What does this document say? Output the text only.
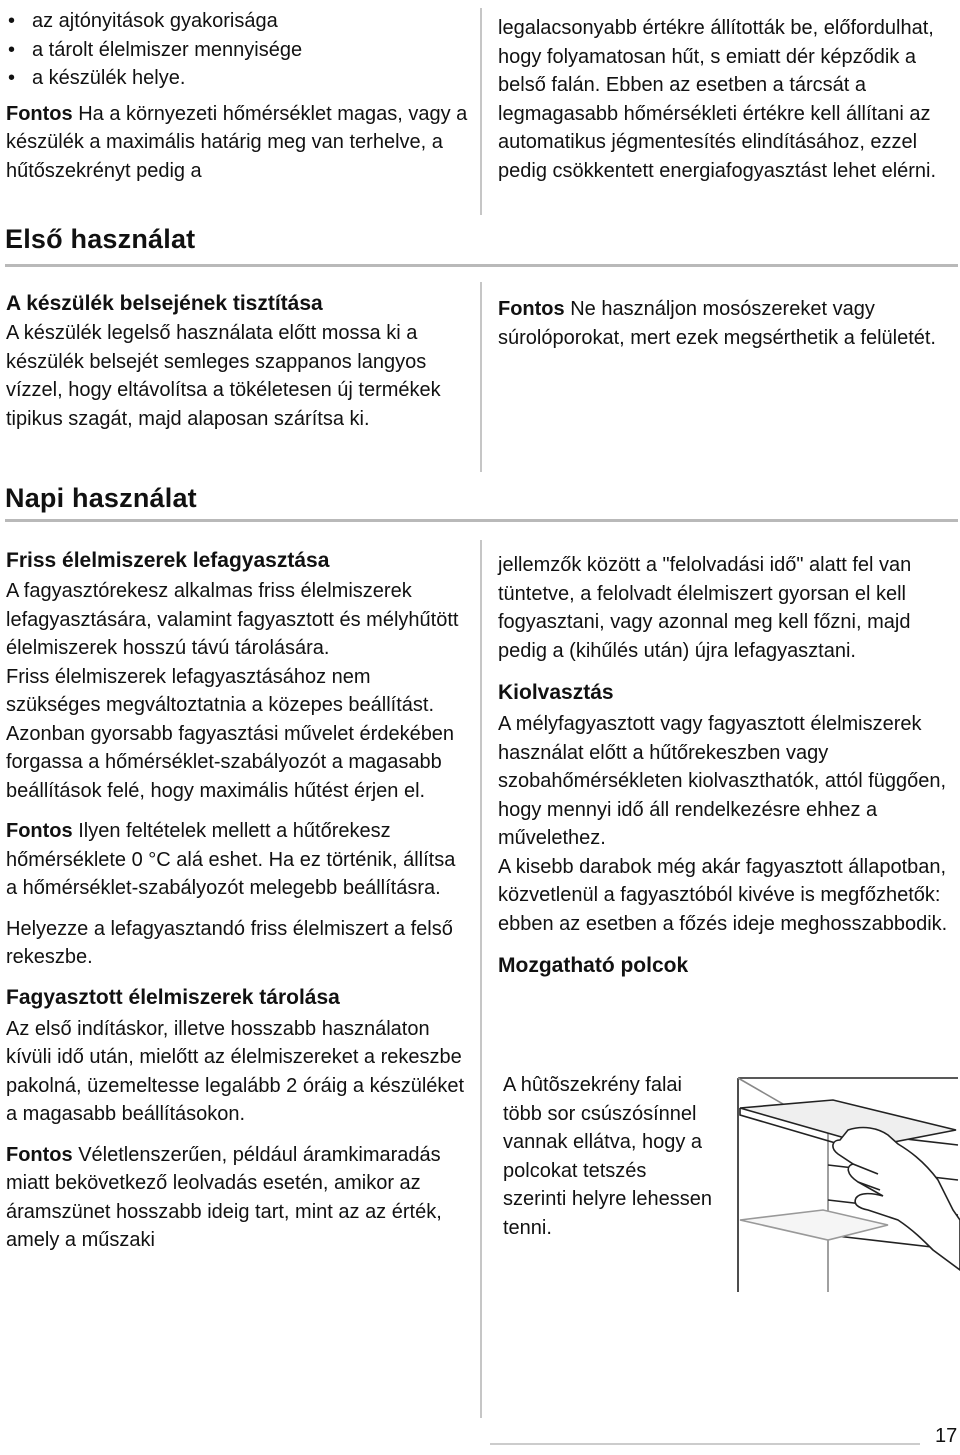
• az ajtónyitások gyakorisága
• a tárolt élelmiszer mennyisége
• a készülék helye.

Fontos Ha a környezeti hőmérséklet magas, vagy a készülék a maximális határig meg van terhelve, a hűtőszekrényt pedig a

legalacsonyabb értékre állították be, előfordulhat, hogy folyamatosan hűt, s emiatt dér képződik a belső falán. Ebben az esetben a tárcsát a legmagasabb hőmérsékleti értékre kell állítani az automatikus jégmentesítés elindításához, ezzel pedig csökkentett energiafogyasztást lehet elérni.

Első használat

A készülék belsejének tisztítása

A készülék legelső használata előtt mossa ki a készülék belsejét semleges szappanos langyos vízzel, hogy eltávolítsa a tökéletesen új termékek tipikus szagát, majd alaposan szárítsa ki.

Fontos Ne használjon mosószereket vagy súrolóporokat, mert ezek megsérthetik a felületét.

Napi használat

Friss élelmiszerek lefagyasztása

A fagyasztórekesz alkalmas friss élelmiszerek lefagyasztására, valamint fagyasztott és mélyhűtött élelmiszerek hosszú távú tárolására.

Friss élelmiszerek lefagyasztásához nem szükséges megváltoztatnia a közepes beállítást.

Azonban gyorsabb fagyasztási művelet érdekében forgassa a hőmérséklet-szabályozót a magasabb beállítások felé, hogy maximális hűtést érjen el.

Fontos Ilyen feltételek mellett a hűtőrekesz hőmérséklete 0 °C alá eshet. Ha ez történik, állítsa a hőmérséklet-szabályozót melegebb beállításra.

Helyezze a lefagyasztandó friss élelmiszert a felső rekeszbe.

Fagyasztott élelmiszerek tárolása

Az első indításkor, illetve hosszabb használaton kívüli idő után, mielőtt az élelmiszereket a rekeszbe pakolná, üzemeltesse legalább 2 óráig a készüléket a magasabb beállításokon.

Fontos Véletlenszerűen, például áramkimaradás miatt bekövetkező leolvadás esetén, amikor az áramszünet hosszabb ideig tart, mint az az érték, amely a műszaki

jellemzők között a "felolvadási idő" alatt fel van tüntetve, a felolvadt élelmiszert gyorsan el kell fogyasztani, vagy azonnal meg kell főzni, majd pedig a (kihűlés után) újra lefagyasztani.

Kiolvasztás

A mélyfagyasztott vagy fagyasztott élelmiszerek használat előtt a hűtőrekeszben vagy szobahőmérsékleten kiolvaszthatók, attól függően, hogy mennyi idő áll rendelkezésre ehhez a művelethez.

A kisebb darabok még akár fagyasztott állapotban, közvetlenül a fagyasztóból kivéve is megfőzhetők: ebben az esetben a főzés ideje meghosszabbodik.

Mozgatható polcok

A hûtõszekrény falai több sor csúszósínnel vannak ellátva, hogy a polcokat tetszés szerinti helyre lehessen tenni.

17
